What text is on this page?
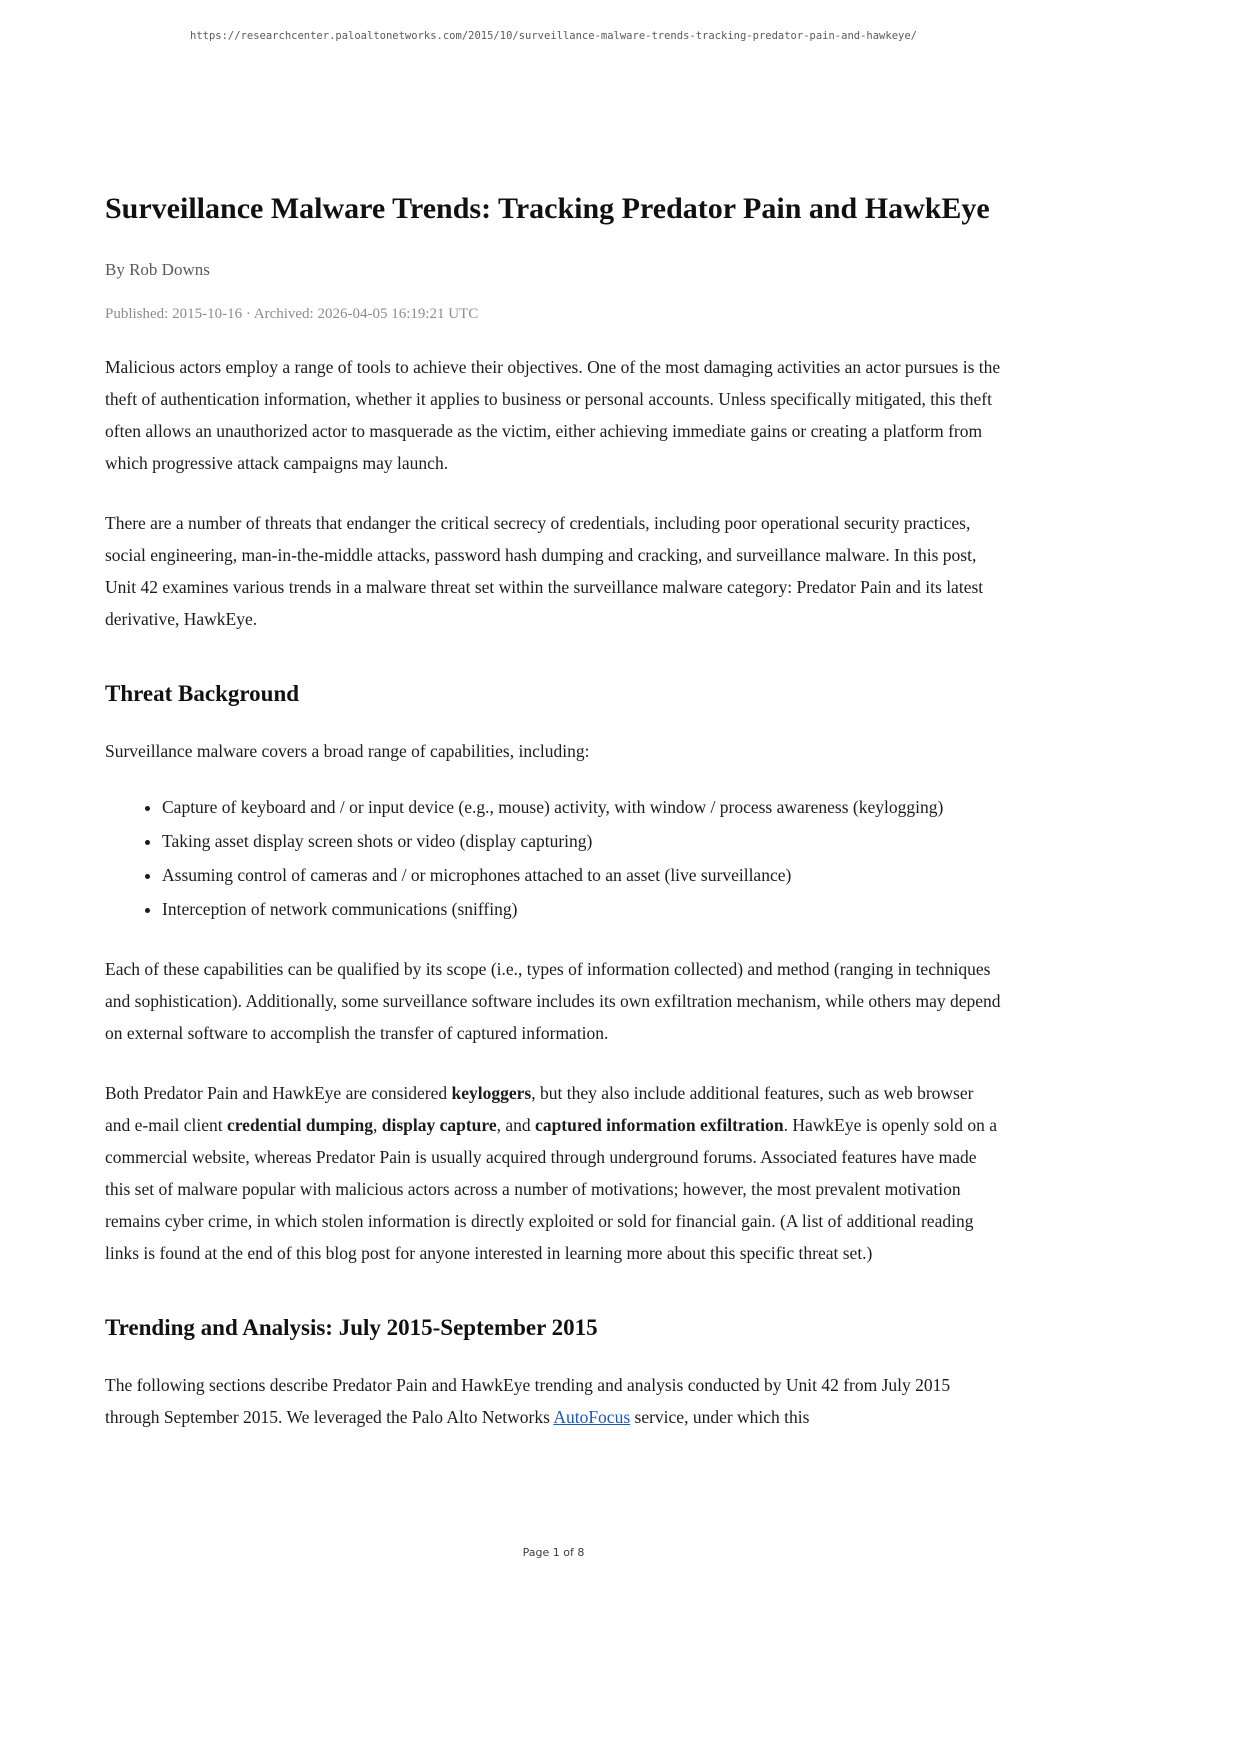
https://researchcenter.paloaltonetworks.com/2015/10/surveillance-malware-trends-tracking-predator-pain-and-hawkeye/
Surveillance Malware Trends: Tracking Predator Pain and HawkEye

By Rob Downs

Published: 2015-10-16 · Archived: 2026-04-05 16:19:21 UTC

Malicious actors employ a range of tools to achieve their objectives. One of the most damaging activities an actor pursues is the theft of authentication information, whether it applies to business or personal accounts. Unless specifically mitigated, this theft often allows an unauthorized actor to masquerade as the victim, either achieving immediate gains or creating a platform from which progressive attack campaigns may launch.

There are a number of threats that endanger the critical secrecy of credentials, including poor operational security practices, social engineering, man-in-the-middle attacks, password hash dumping and cracking, and surveillance malware. In this post, Unit 42 examines various trends in a malware threat set within the surveillance malware category: Predator Pain and its latest derivative, HawkEye.

Threat Background

Surveillance malware covers a broad range of capabilities, including:

• Capture of keyboard and / or input device (e.g., mouse) activity, with window / process awareness (keylogging)
• Taking asset display screen shots or video (display capturing)
• Assuming control of cameras and / or microphones attached to an asset (live surveillance)
• Interception of network communications (sniffing)

Each of these capabilities can be qualified by its scope (i.e., types of information collected) and method (ranging in techniques and sophistication). Additionally, some surveillance software includes its own exfiltration mechanism, while others may depend on external software to accomplish the transfer of captured information.

Both Predator Pain and HawkEye are considered keyloggers, but they also include additional features, such as web browser and e-mail client credential dumping, display capture, and captured information exfiltration. HawkEye is openly sold on a commercial website, whereas Predator Pain is usually acquired through underground forums. Associated features have made this set of malware popular with malicious actors across a number of motivations; however, the most prevalent motivation remains cyber crime, in which stolen information is directly exploited or sold for financial gain. (A list of additional reading links is found at the end of this blog post for anyone interested in learning more about this specific threat set.)

Trending and Analysis: July 2015-September 2015

The following sections describe Predator Pain and HawkEye trending and analysis conducted by Unit 42 from July 2015 through September 2015. We leveraged the Palo Alto Networks AutoFocus service, under which this

Page 1 of 8
